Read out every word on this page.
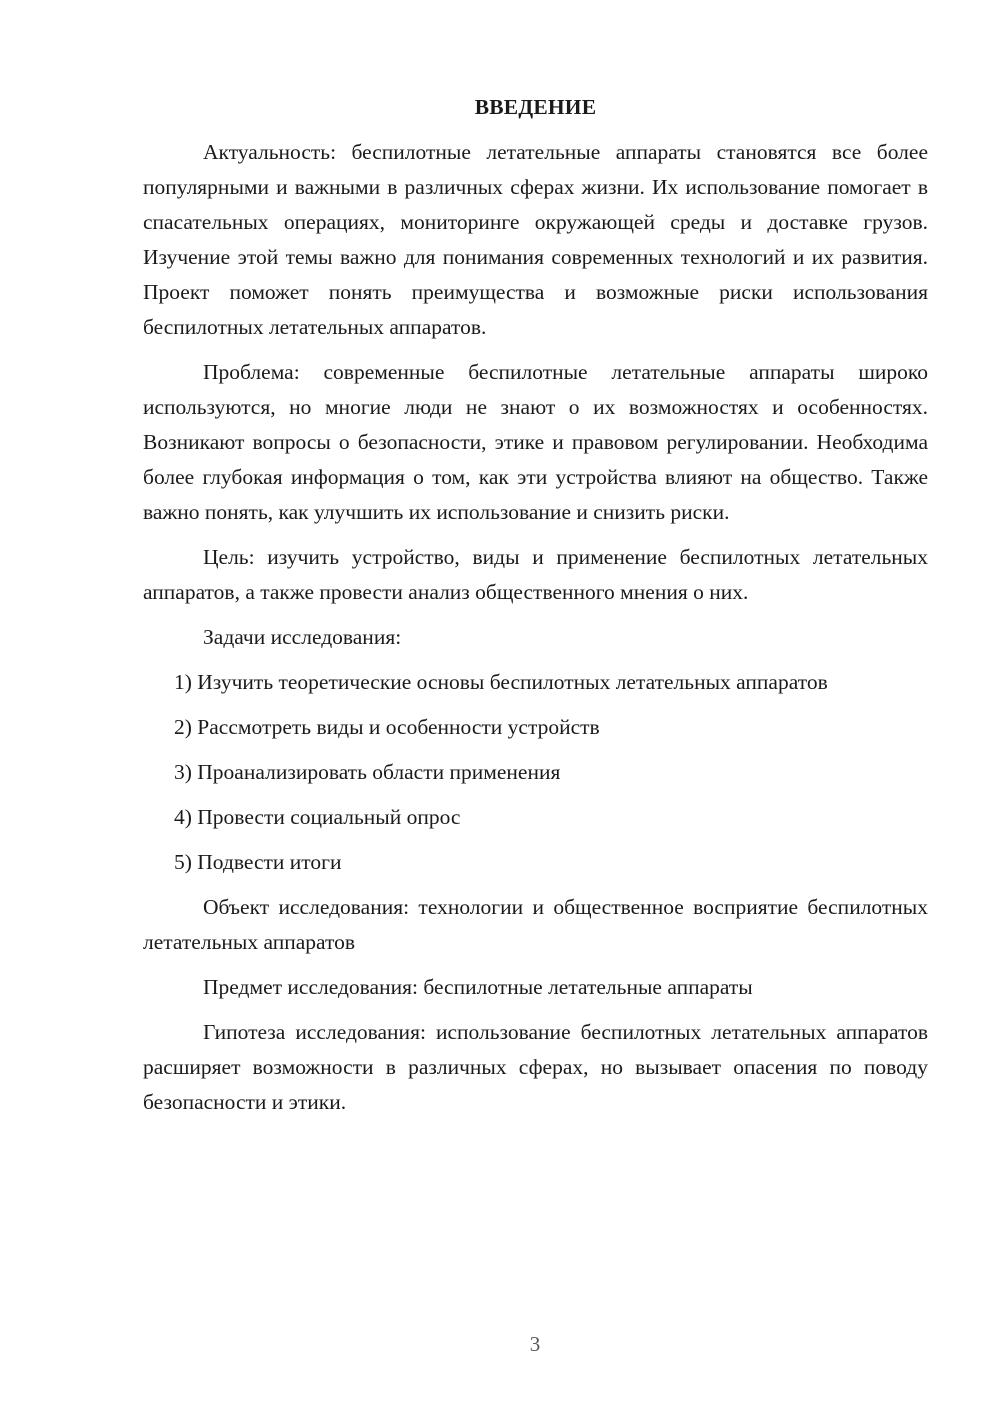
ВВЕДЕНИЕ

Актуальность: беспилотные летательные аппараты становятся все более популярными и важными в различных сферах жизни. Их использование помогает в спасательных операциях, мониторинге окружающей среды и доставке грузов. Изучение этой темы важно для понимания современных технологий и их развития. Проект поможет понять преимущества и возможные риски использования беспилотных летательных аппаратов.

Проблема: современные беспилотные летательные аппараты широко используются, но многие люди не знают о их возможностях и особенностях. Возникают вопросы о безопасности, этике и правовом регулировании. Необходима более глубокая информация о том, как эти устройства влияют на общество. Также важно понять, как улучшить их использование и снизить риски.

Цель: изучить устройство, виды и применение беспилотных летательных аппаратов, а также провести анализ общественного мнения о них.

Задачи исследования:

1) Изучить теоретические основы беспилотных летательных аппаратов

2) Рассмотреть виды и особенности устройств

3) Проанализировать области применения

4) Провести социальный опрос

5) Подвести итоги

Объект исследования: технологии и общественное восприятие беспилотных летательных аппаратов

Предмет исследования: беспилотные летательные аппараты

Гипотеза исследования: использование беспилотных летательных аппаратов расширяет возможности в различных сферах, но вызывает опасения по поводу безопасности и этики.

3
